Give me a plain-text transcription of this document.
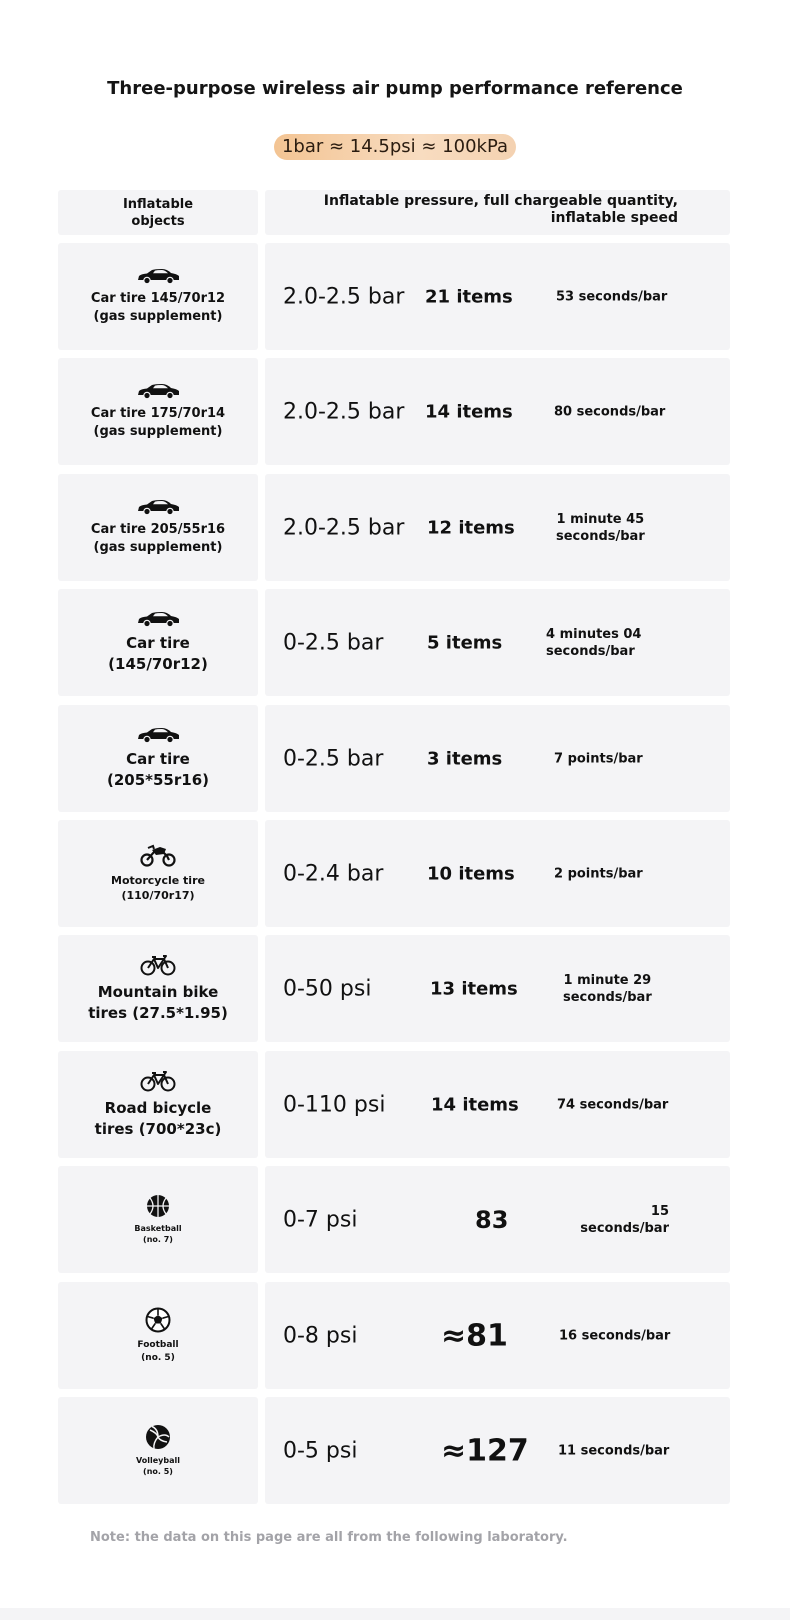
Three-purpose wireless air pump performance reference
1bar ≈ 14.5psi ≈ 100kPa
Inflatable
objects
Inflatable pressure, full chargeable quantity,
inflatable speed
Car tire 145/70r12
(gas supplement)
2.0-2.5 bar 21 items	53 seconds/bar
Car tire 175/70r14
(gas supplement)
2.0-2.5 bar 14 items	80 seconds/bar
Car tire 205/55r16
(gas supplement)
2.0-2.5 bar 12 items	1 minute 45
seconds/bar
Car tire
(145/70r12)
0-2.5 bar 5 items	4 minutes 04
seconds/bar
Car tire
(205*55r16)
0-2.5 bar 3 items	7 points/bar
Motorcycle tire
(110/70r17)
0-2.4 bar 10 items	2 points/bar
Mountain bike
tires (27.5*1.95)
0-50 psi	13 items	1 minute 29
seconds/bar
Road bicycle
tires (700*23c)
0-110 psi	14 items	74 seconds/bar
Basketball
(no. 7)
0-7 psi	83	15
seconds/bar
Football
(no. 5)
0-8 psi	≈81	16 seconds/bar
Volleyball
(no. 5)
0-5 psi	≈127 11 seconds/bar
Note: the data on this page are all from the following laboratory.
